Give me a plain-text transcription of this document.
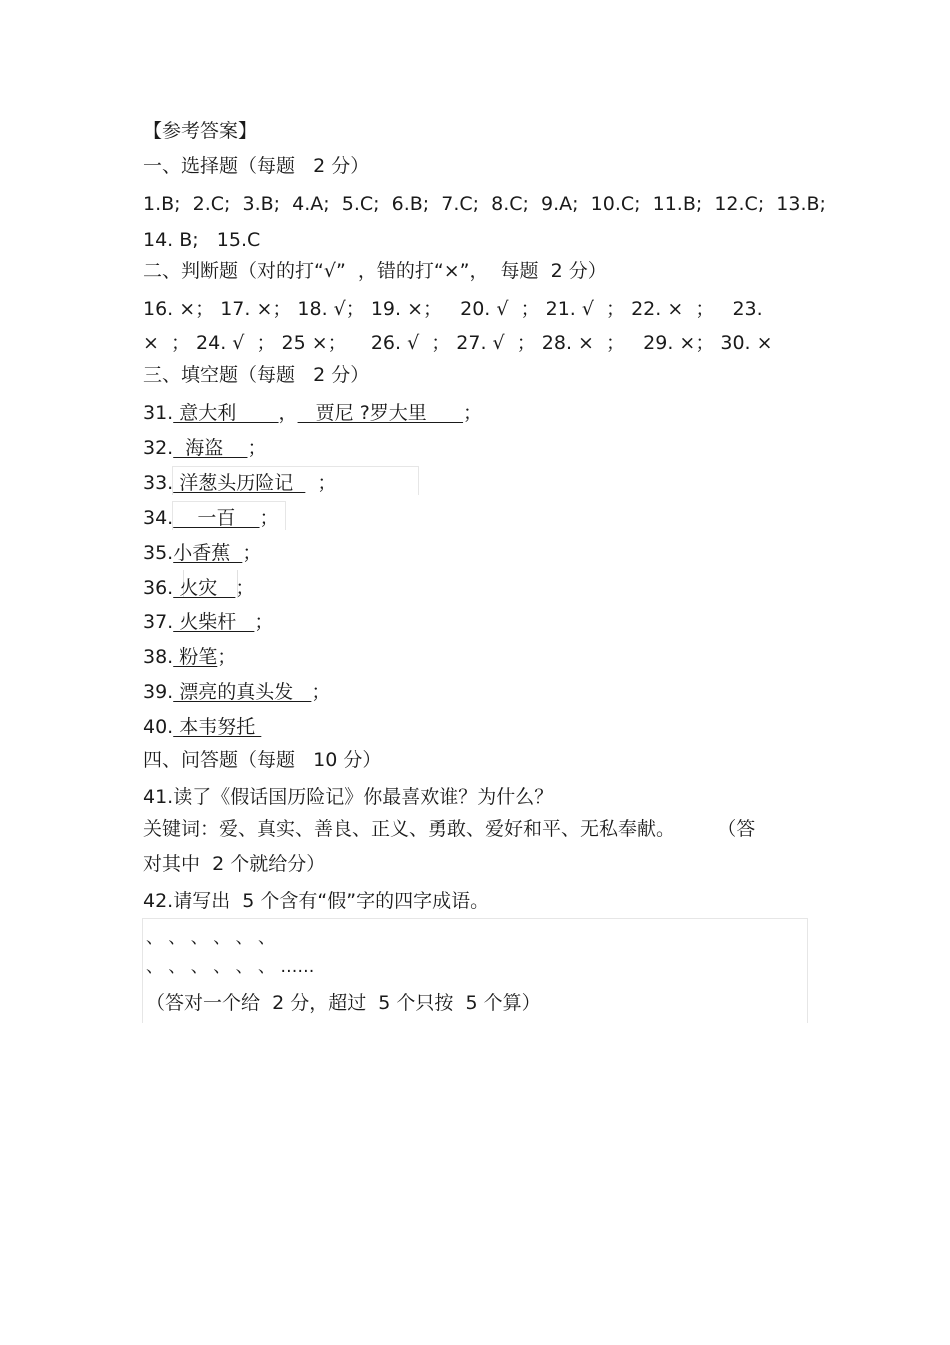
【参考答案】
一、选择题（每题   2 分）
1.B;  2.C;  3.B;  4.A;  5.C;  6.B;  7.C;  8.C;  9.A;  10.C;  11.B;  12.C;  13.B;
14. B;   15.C
二、判断题（对的打“√”  ，错的打“×”，  每题  2 分）
16. ×； 17. ×； 18. √； 19. ×；   20. √  ； 21. √  ； 22. ×  ；   23.
×  ； 24. √  ； 25 ×；    26. √  ； 27. √  ； 28. ×  ；   29. ×； 30. ×
三、填空题（每题   2 分）
31. 意大利       ，   贾尼 ?罗大里      ；
32.  海盗    ；
33. 洋葱头历险记    ；
34.    一百    ；
35.小香蕉  ；
36. 火灾   ；
37. 火柴杆   ；
38. 粉笔；
39. 漂亮的真头发   ；
40. 本韦努托
四、问答题（每题   10 分）
41.读了《假话国历险记》你最喜欢谁？为什么？
关键词：爱、真实、善良、正义、勇敢、爱好和平、无私奉献。       （答
对其中  2 个就给分）
42.请写出  5 个含有“假”字的四字成语。
、 、 、 、 、 、
、 、 、 、 、 、 ……
（答对一个给  2 分，超过  5 个只按  5 个算）
